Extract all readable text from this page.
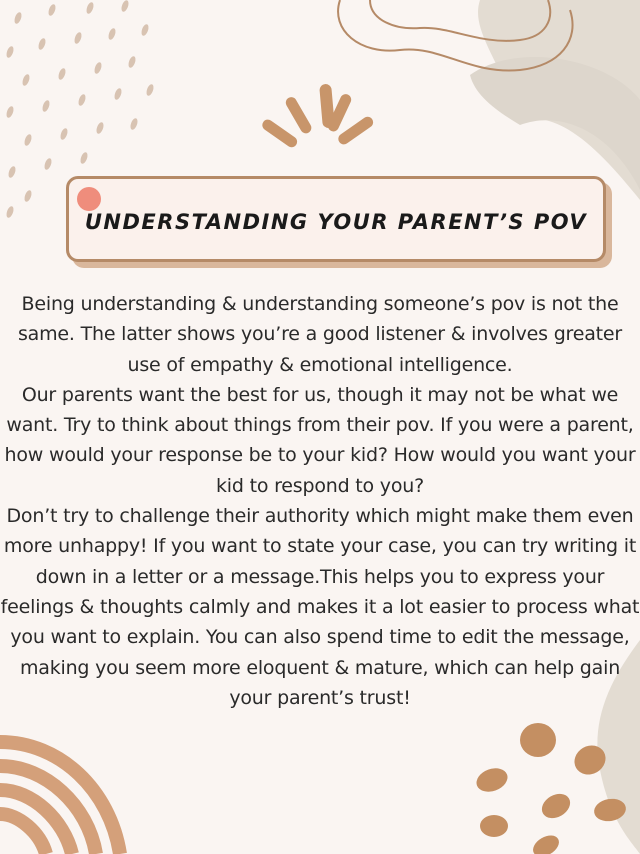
UNDERSTANDING YOUR PARENT’S POV

Being understanding & understanding someone’s pov is not the same. The latter shows you’re a good listener & involves greater use of empathy & emotional intelligence.

Our parents want the best for us, though it may not be what we want. Try to think about things from their pov. If you were a parent, how would your response be to your kid? How would you want your kid to respond to you?

Don’t try to challenge their authority which might make them even more unhappy! If you want to state your case, you can try writing it down in a letter or a message.This helps you to express your feelings & thoughts calmly and makes it a lot easier to process what you want to explain. You can also spend time to edit the message, making you seem more eloquent & mature, which can help gain your parent’s trust!
